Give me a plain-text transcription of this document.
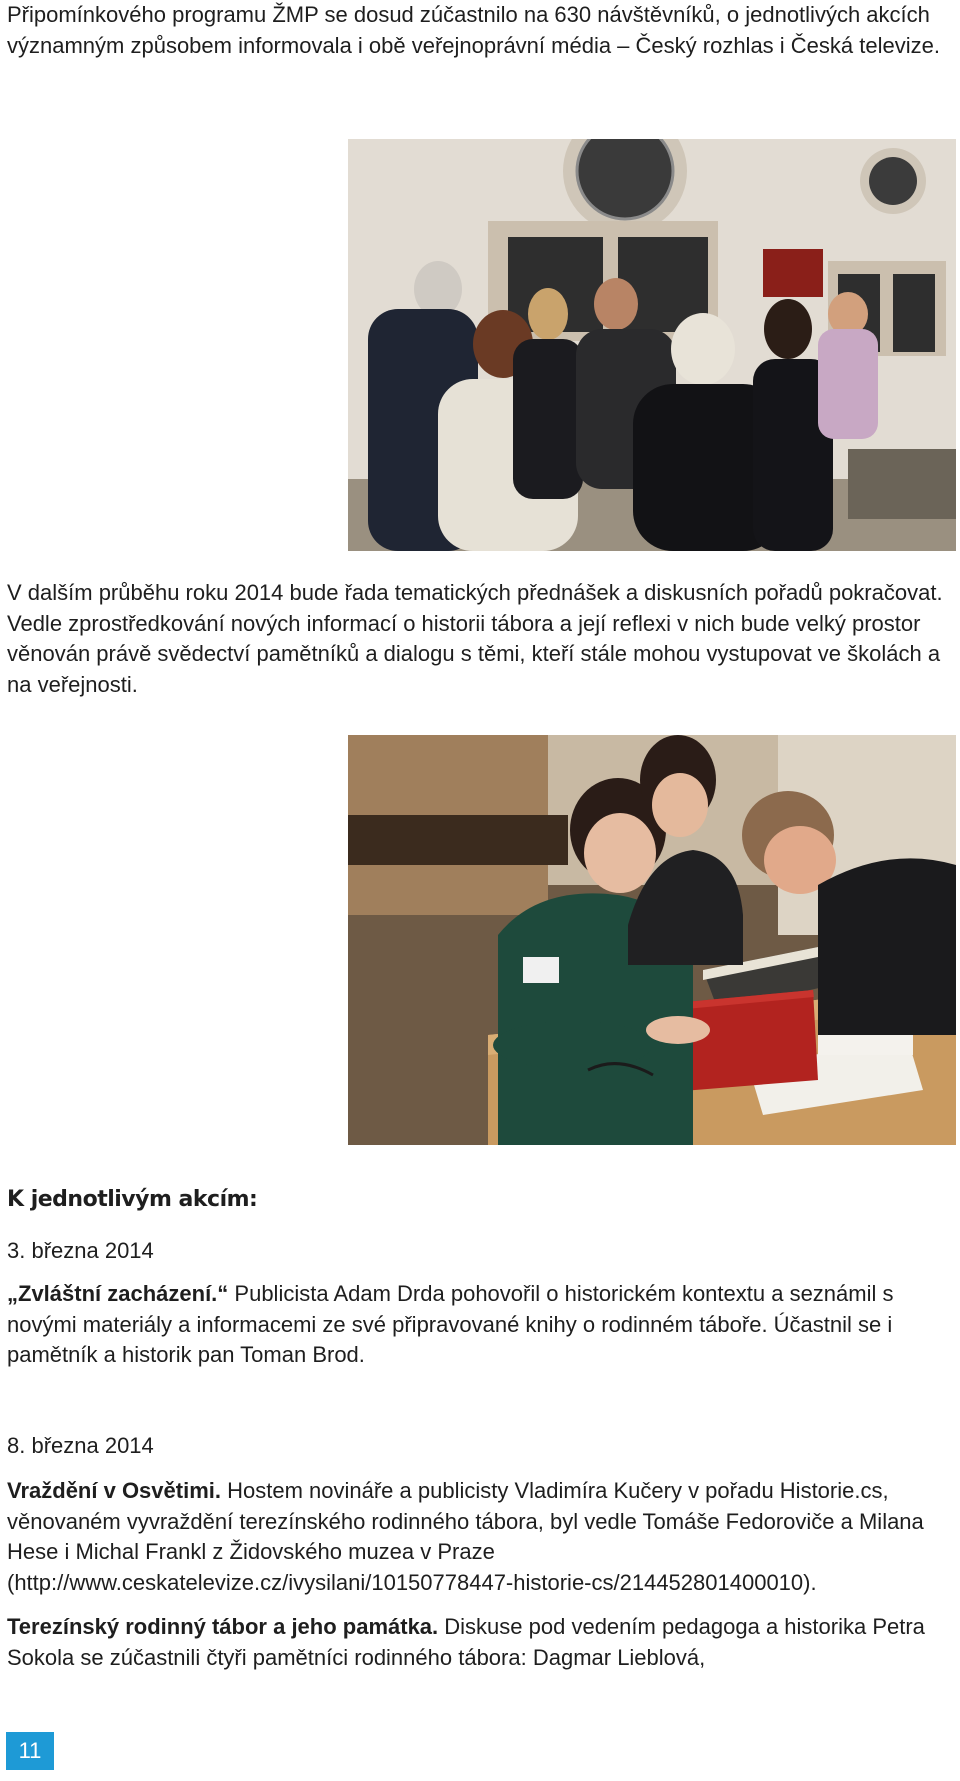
Připomínkového programu ŽMP se dosud zúčastnilo na 630 návštěvníků, o jednotlivých akcích významným způsobem informovala i obě veřejnoprávní média – Český rozhlas i Česká televize.

V dalším průběhu roku 2014 bude řada tematických přednášek a diskusních pořadů pokračovat. Vedle zprostředkování nových informací o historii tábora a její reflexi v nich bude velký prostor věnován právě svědectví pamětníků a dialogu s těmi, kteří stále mohou vystupovat ve školách a na veřejnosti.

K jednotlivým akcím:

3. března 2014

„Zvláštní zacházení.“ Publicista Adam Drda pohovořil o historickém kontextu a seznámil s novými materiály a informacemi ze své připravované knihy o rodinném táboře. Účastnil se i pamětník a historik pan Toman Brod.

8. března 2014

Vraždění v Osvětimi. Hostem novináře a publicisty Vladimíra Kučery v pořadu Historie.cs, věnovaném vyvraždění terezínského rodinného tábora, byl vedle Tomáše Fedoroviče a Milana Hese i Michal Frankl z Židovského muzea v Praze (http://www.ceskatelevize.cz/ivysilani/10150778447-historie-cs/214452801400010).

Terezínský rodinný tábor a jeho památka. Diskuse pod vedením pedagoga a historika Petra Sokola se zúčastnili čtyři pamětníci rodinného tábora: Dagmar Lieblová,

11
